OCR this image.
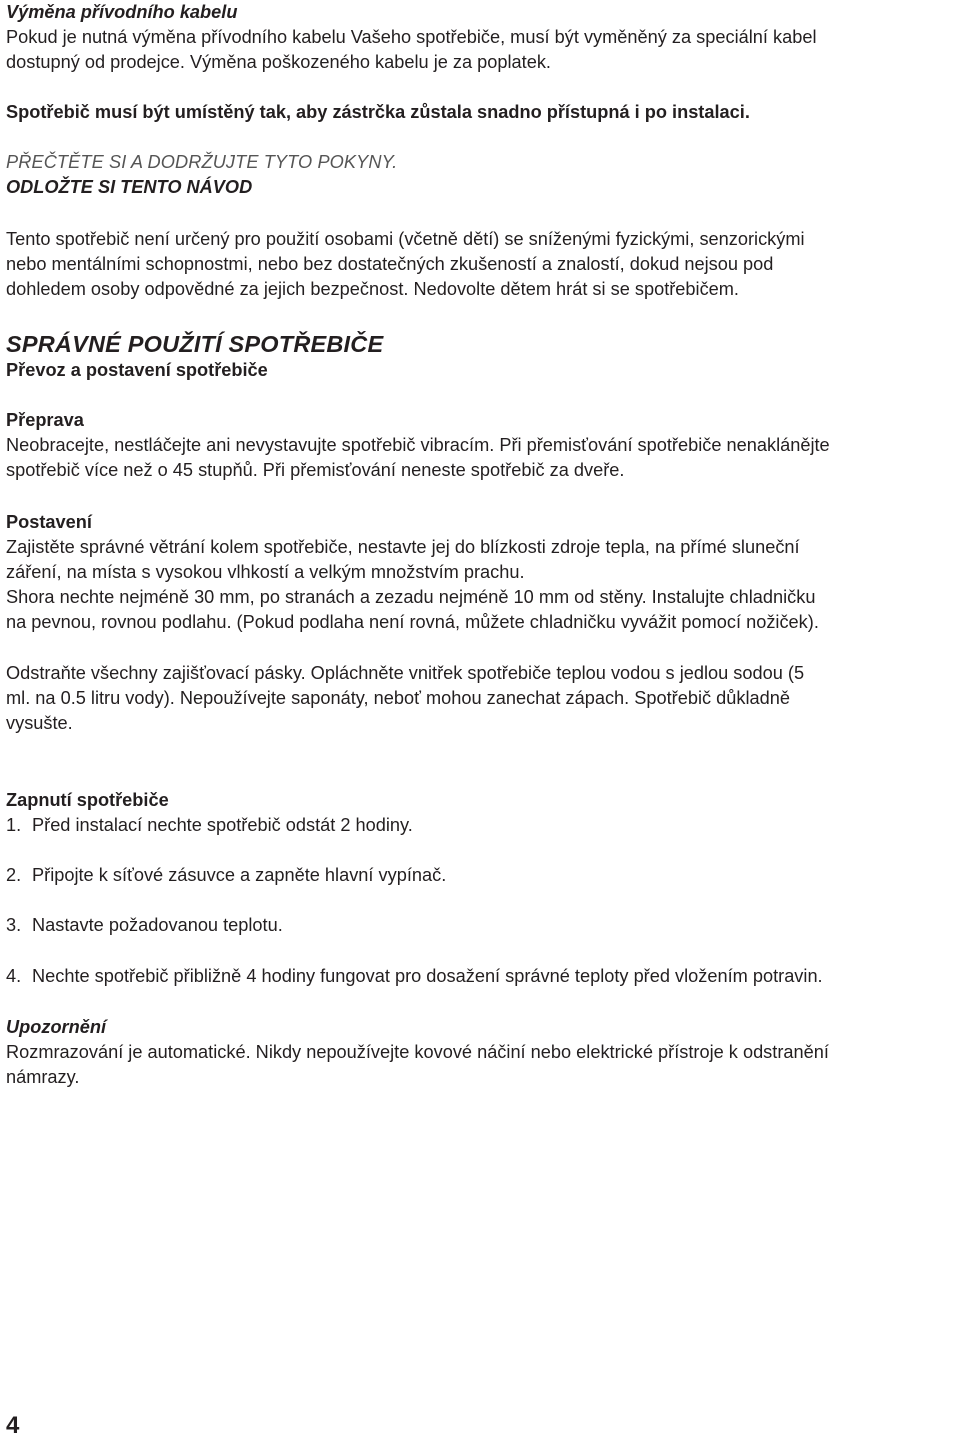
Výměna přívodního kabelu
Pokud je nutná výměna přívodního kabelu Vašeho spotřebiče, musí být vyměněný za speciální kabel
dostupný od prodejce. Výměna poškozeného kabelu je za poplatek.
Spotřebič musí být umístěný tak, aby zástrčka zůstala snadno přístupná i po instalaci.
PŘEČTĚTE SI A DODRŽUJTE TYTO POKYNY.
ODLOŽTE SI TENTO NÁVOD
Tento spotřebič není určený pro použití osobami (včetně dětí) se sníženými fyzickými, senzorickými
nebo mentálními schopnostmi, nebo bez dostatečných zkušeností a znalostí, dokud nejsou pod
dohledem osoby odpovědné za jejich bezpečnost. Nedovolte dětem hrát si se spotřebičem.
SPRÁVNÉ POUŽITÍ SPOTŘEBIČE
Převoz a postavení spotřebiče
Přeprava
Neobracejte, nestláčejte ani nevystavujte spotřebič vibracím. Při přemisťování spotřebiče nenaklánějte
spotřebič více než o 45 stupňů. Při přemisťování neneste spotřebič za dveře.
Postavení
Zajistěte správné větrání kolem spotřebiče, nestavte jej do blízkosti zdroje tepla, na přímé sluneční
záření, na místa s vysokou vlhkostí a velkým množstvím prachu.
Shora nechte nejméně 30 mm, po stranách a zezadu nejméně 10 mm od stěny. Instalujte chladničku
na pevnou, rovnou podlahu. (Pokud podlaha není rovná, můžete chladničku vyvážit pomocí nožiček).
Odstraňte všechny zajišťovací pásky. Opláchněte vnitřek spotřebiče teplou vodou s jedlou sodou (5
ml. na 0.5 litru vody). Nepoužívejte saponáty, neboť mohou zanechat zápach. Spotřebič důkladně
vysušte.
Zapnutí spotřebiče
1. Před instalací nechte spotřebič odstát 2 hodiny.
2. Připojte k síťové zásuvce a zapněte hlavní vypínač.
3. Nastavte požadovanou teplotu.
4. Nechte spotřebič přibližně 4 hodiny fungovat pro dosažení správné teploty před vložením potravin.
Upozornění
Rozmrazování je automatické. Nikdy nepoužívejte kovové náčiní nebo elektrické přístroje k odstranění
námrazy.
4
